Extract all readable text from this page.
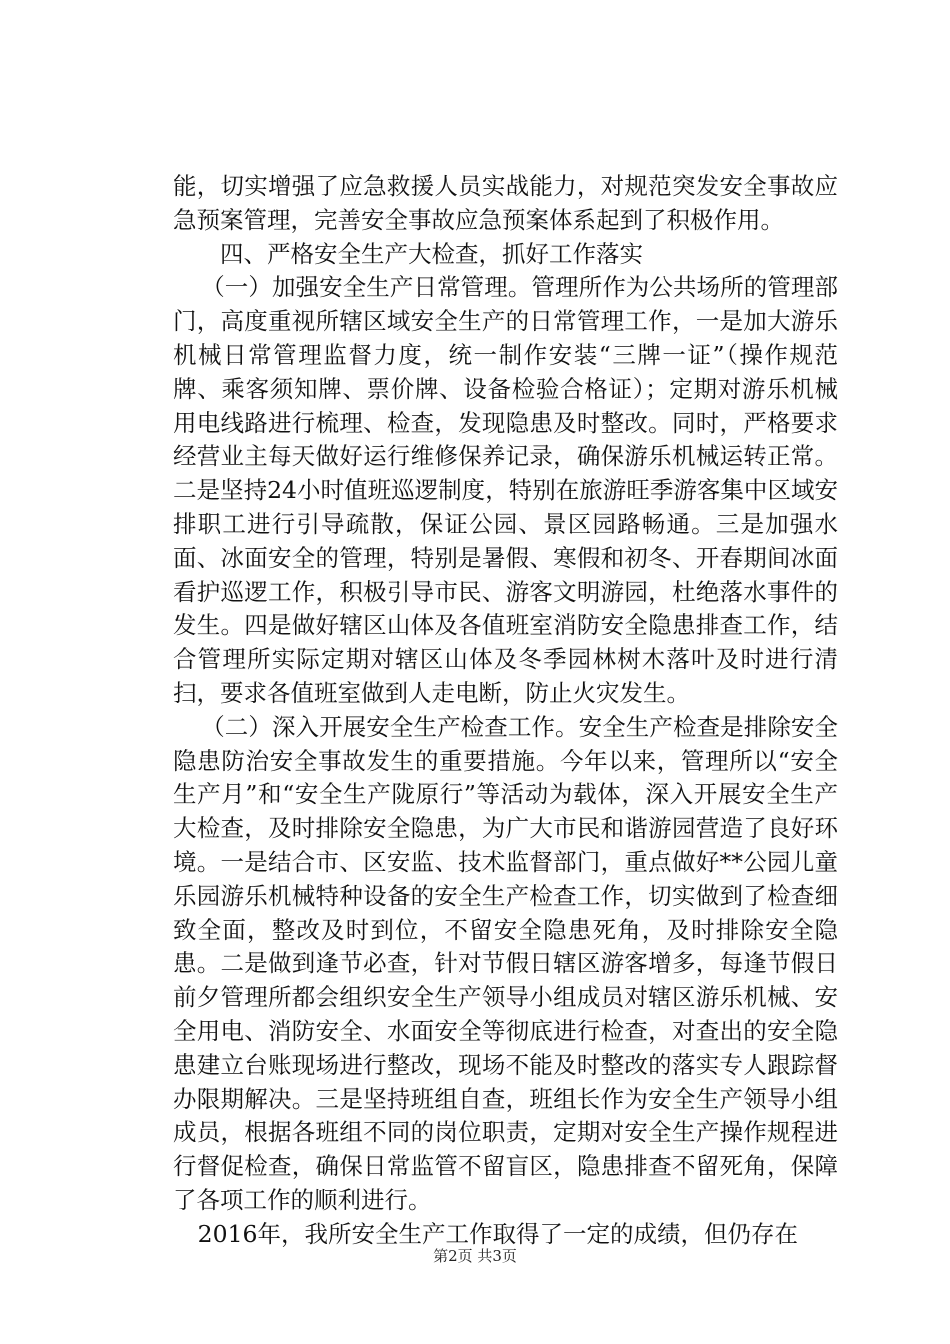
能，切实增强了应急救援人员实战能力，对规范突发安全事故应急预案管理，完善安全事故应急预案体系起到了积极作用。

四、严格安全生产大检查，抓好工作落实

（一）加强安全生产日常管理。管理所作为公共场所的管理部门，高度重视所辖区域安全生产的日常管理工作，一是加大游乐机械日常管理监督力度，统一制作安装“三牌一证”（操作规范牌、乘客须知牌、票价牌、设备检验合格证）；定期对游乐机械用电线路进行梳理、检查，发现隐患及时整改。同时，严格要求经营业主每天做好运行维修保养记录，确保游乐机械运转正常。二是坚持24小时值班巡逻制度，特别在旅游旺季游客集中区域安排职工进行引导疏散，保证公园、景区园路畅通。三是加强水面、冰面安全的管理，特别是暑假、寒假和初冬、开春期间冰面看护巡逻工作，积极引导市民、游客文明游园，杜绝落水事件的发生。四是做好辖区山体及各值班室消防安全隐患排查工作，结合管理所实际定期对辖区山体及冬季园林树木落叶及时进行清扫，要求各值班室做到人走电断，防止火灾发生。

（二）深入开展安全生产检查工作。安全生产检查是排除安全隐患防治安全事故发生的重要措施。今年以来，管理所以“安全生产月”和“安全生产陇原行”等活动为载体，深入开展安全生产大检查，及时排除安全隐患，为广大市民和谐游园营造了良好环境。一是结合市、区安监、技术监督部门，重点做好**公园儿童乐园游乐机械特种设备的安全生产检查工作，切实做到了检查细致全面，整改及时到位，不留安全隐患死角，及时排除安全隐患。二是做到逢节必查，针对节假日辖区游客增多，每逢节假日前夕管理所都会组织安全生产领导小组成员对辖区游乐机械、安全用电、消防安全、水面安全等彻底进行检查，对查出的安全隐患建立台账现场进行整改，现场不能及时整改的落实专人跟踪督办限期解决。三是坚持班组自查，班组长作为安全生产领导小组成员，根据各班组不同的岗位职责，定期对安全生产操作规程进行督促检查，确保日常监管不留盲区，隐患排查不留死角，保障了各项工作的顺利进行。

2016年，我所安全生产工作取得了一定的成绩，但仍存在

第2页 共3页
